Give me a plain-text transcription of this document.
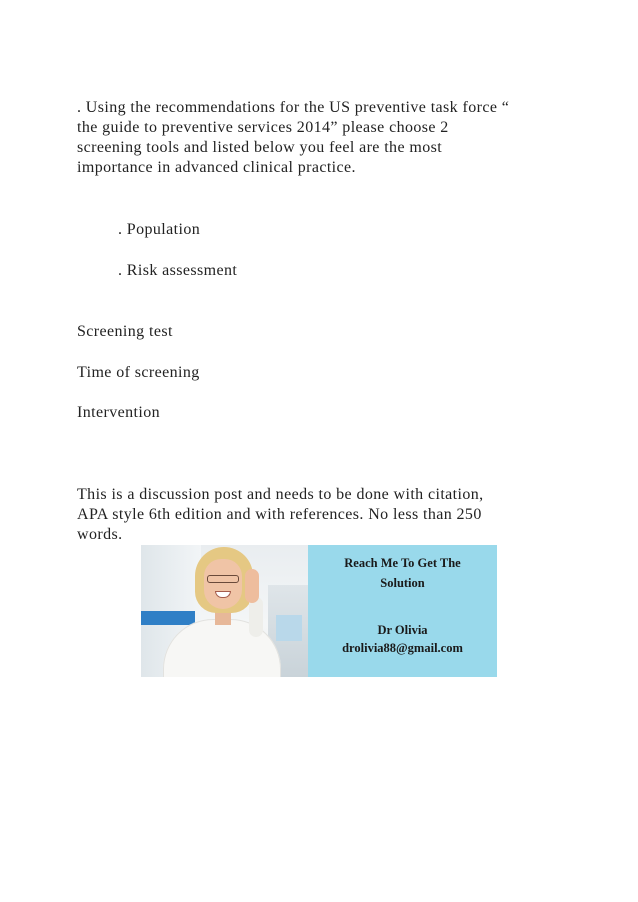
. Using the recommendations for the US preventive task force “
the guide to preventive services 2014” please choose 2
screening tools and listed below you feel are the most
importance in advanced clinical practice.
. Population
. Risk assessment
Screening test
Time of screening
Intervention
This is a discussion post and needs to be done with citation,
APA style 6th edition and with references. No less than 250
words.
Reach Me To Get The
Solution
Dr Olivia
drolivia88@gmail.com
